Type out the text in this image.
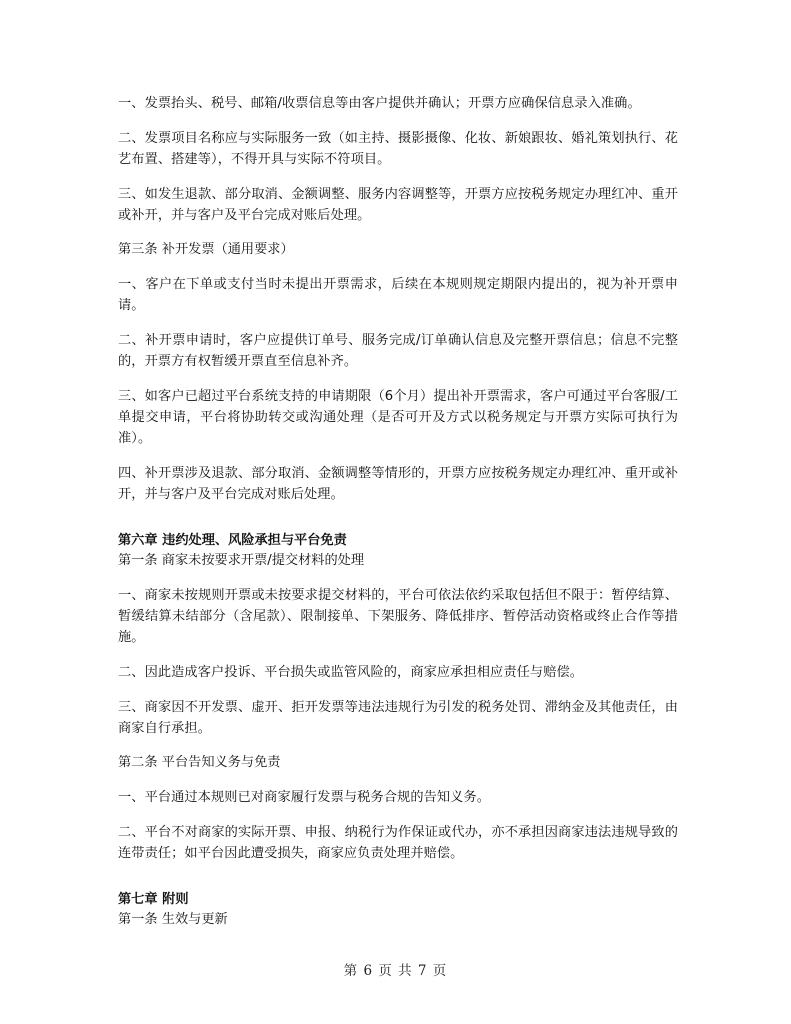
一、发票抬头、税号、邮箱/收票信息等由客户提供并确认；开票方应确保信息录入准确。

二、发票项目名称应与实际服务一致（如主持、摄影摄像、化妆、新娘跟妆、婚礼策划执行、花艺布置、搭建等），不得开具与实际不符项目。

三、如发生退款、部分取消、金额调整、服务内容调整等，开票方应按税务规定办理红冲、重开或补开，并与客户及平台完成对账后处理。

第三条 补开发票（通用要求）

一、客户在下单或支付当时未提出开票需求，后续在本规则规定期限内提出的，视为补开票申请。

二、补开票申请时，客户应提供订单号、服务完成/订单确认信息及完整开票信息；信息不完整的，开票方有权暂缓开票直至信息补齐。

三、如客户已超过平台系统支持的申请期限（6个月）提出补开票需求，客户可通过平台客服/工单提交申请，平台将协助转交或沟通处理（是否可开及方式以税务规定与开票方实际可执行为准）。

四、补开票涉及退款、部分取消、金额调整等情形的，开票方应按税务规定办理红冲、重开或补开，并与客户及平台完成对账后处理。

第六章 违约处理、风险承担与平台免责

第一条 商家未按要求开票/提交材料的处理

一、商家未按规则开票或未按要求提交材料的，平台可依法依约采取包括但不限于：暂停结算、暂缓结算未结部分（含尾款）、限制接单、下架服务、降低排序、暂停活动资格或终止合作等措施。

二、因此造成客户投诉、平台损失或监管风险的，商家应承担相应责任与赔偿。

三、商家因不开发票、虚开、拒开发票等违法违规行为引发的税务处罚、滞纳金及其他责任，由商家自行承担。

第二条 平台告知义务与免责

一、平台通过本规则已对商家履行发票与税务合规的告知义务。

二、平台不对商家的实际开票、申报、纳税行为作保证或代办，亦不承担因商家违法违规导致的连带责任；如平台因此遭受损失，商家应负责处理并赔偿。

第七章 附则

第一条 生效与更新

第 6 页 共 7 页
